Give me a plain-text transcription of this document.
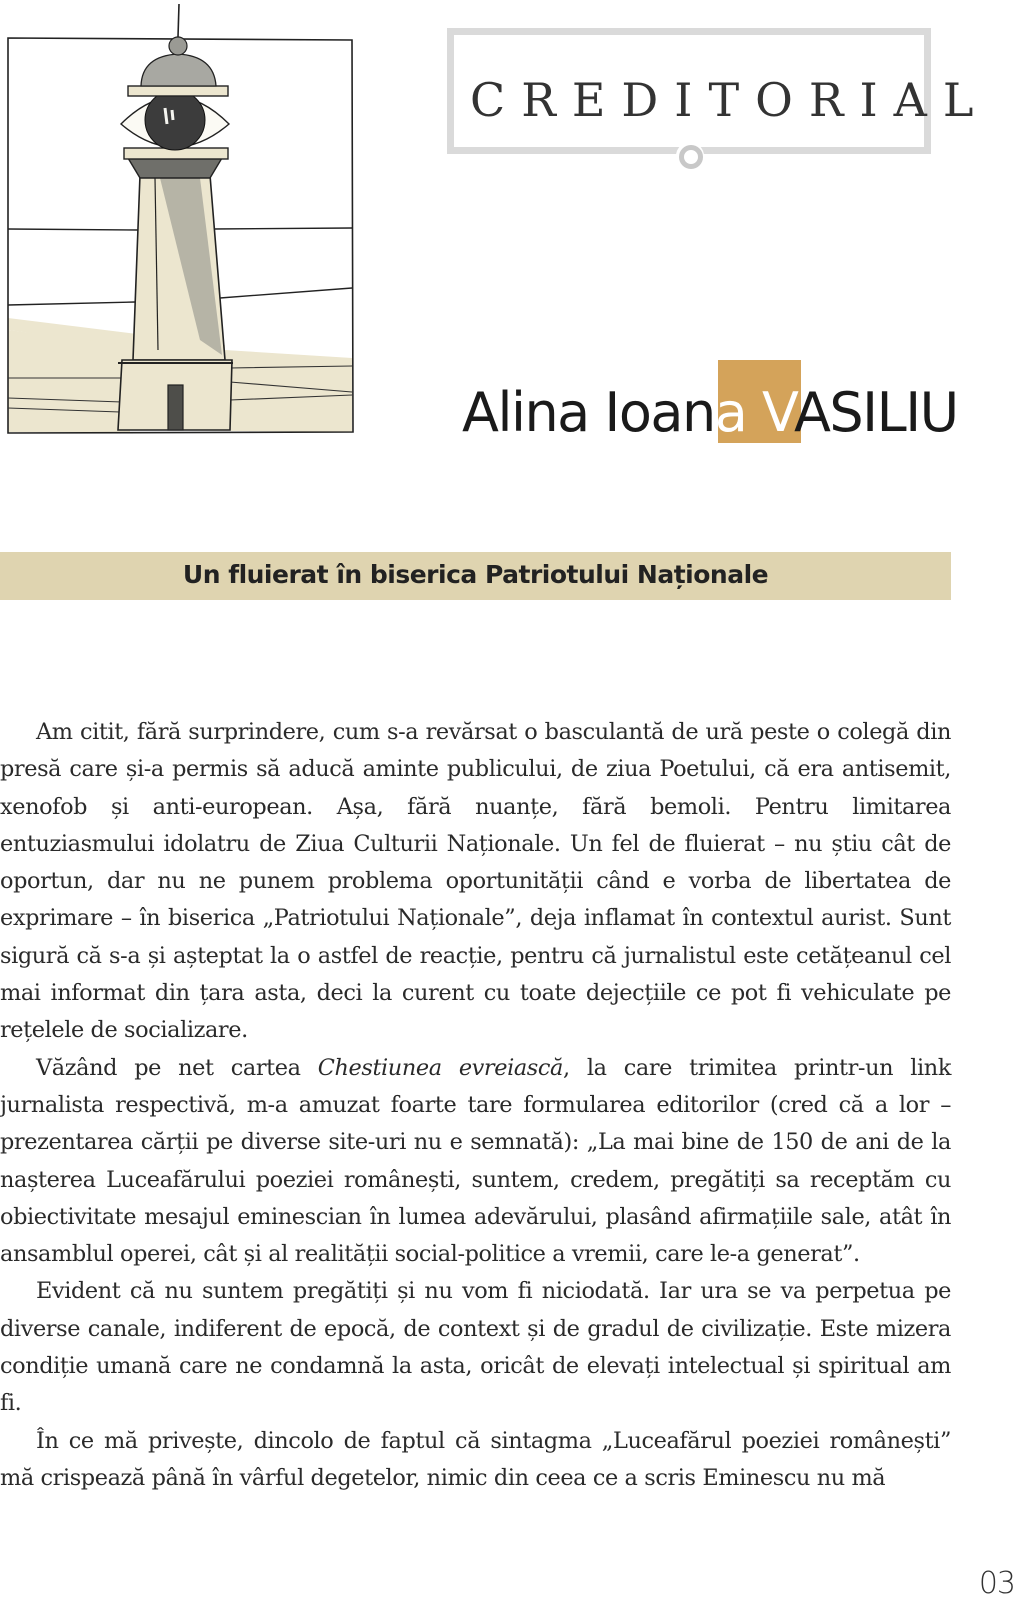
CREDITORIAL
Alina Ioana VASILIU
Un fluierat în biserica Patriotului Naționale

Am citit, fără surprindere, cum s-a revărsat o basculantă de ură peste o colegă din presă care și-a permis să aducă aminte publicului, de ziua Poetului, că era antisemit, xenofob și anti-european. Așa, fără nuanțe, fără bemoli. Pentru limitarea entuziasmului idolatru de Ziua Culturii Naționale. Un fel de fluierat – nu știu cât de oportun, dar nu ne punem problema oportunității când e vorba de libertatea de exprimare – în biserica „Patriotului Naționale”, deja inflamat în contextul aurist. Sunt sigură că s-a și așteptat la o astfel de reacție, pentru că jurnalistul este cetățeanul cel mai informat din țara asta, deci la curent cu toate dejecțiile ce pot fi vehiculate pe rețelele de socializare.

Văzând pe net cartea Chestiunea evreiască, la care trimitea printr-un link jurnalista respectivă, m-a amuzat foarte tare formularea editorilor (cred că a lor – prezentarea cărții pe diverse site-uri nu e semnată): „La mai bine de 150 de ani de la nașterea Luceafărului poeziei românești, suntem, credem, pregătiți sa receptăm cu obiectivitate mesajul eminescian în lumea adevărului, plasând afirmațiile sale, atât în ansamblul operei, cât și al realității social-politice a vremii, care le-a generat”.

Evident că nu suntem pregătiți și nu vom fi niciodată. Iar ura se va perpetua pe diverse canale, indiferent de epocă, de context și de gradul de civilizație. Este mizera condiție umană care ne condamnă la asta, oricât de elevați intelectual și spiritual am fi.

În ce mă privește, dincolo de faptul că sintagma „Luceafărul poeziei românești” mă crispează până în vârful degetelor, nimic din ceea ce a scris Eminescu nu mă

03
